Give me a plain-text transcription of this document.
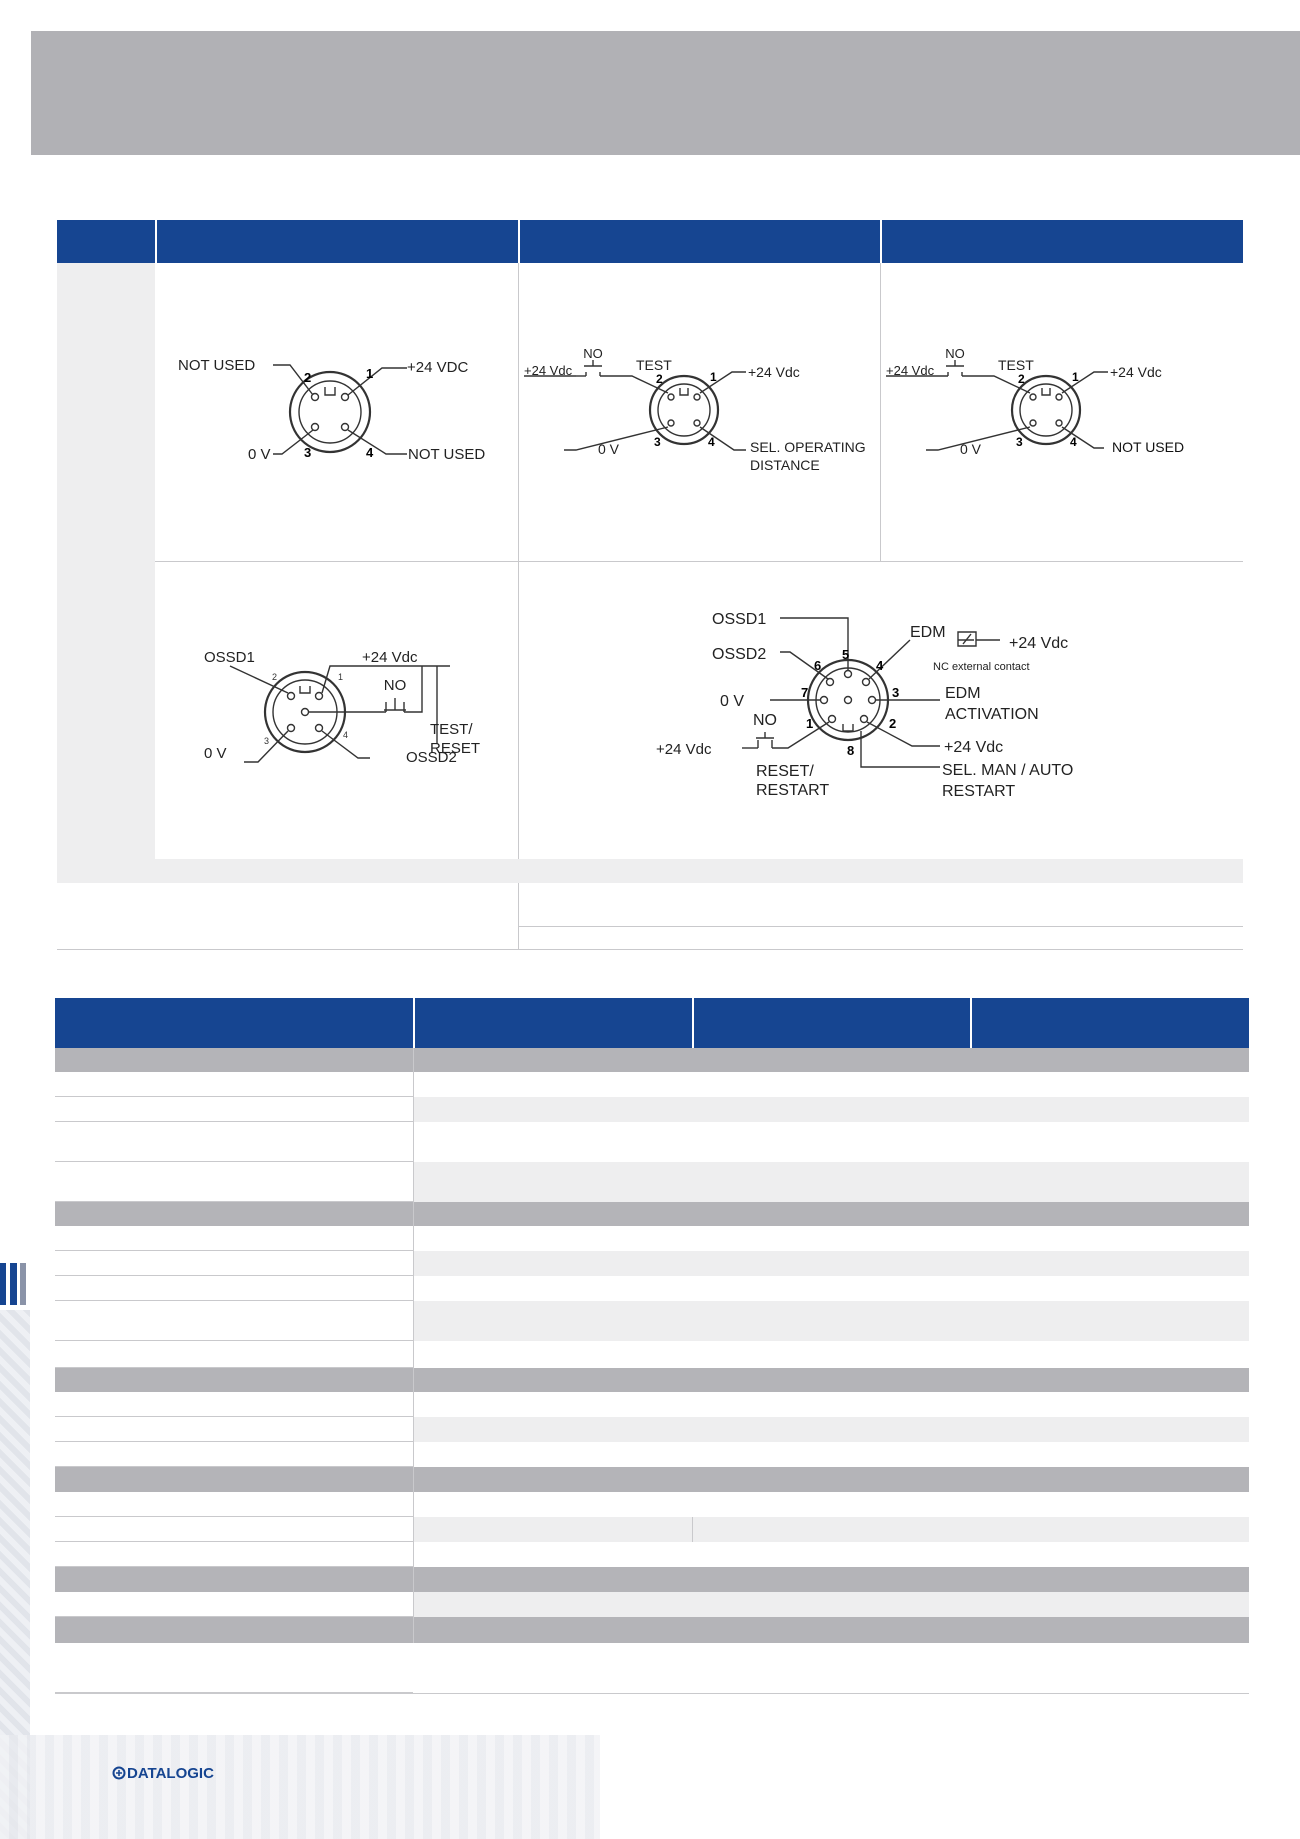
NOT USED	+24 VDC
0 V	NOT USED
1
2
3	4
+24 Vdc
NO
TEST	+24 Vdc
0 V	SEL. OPERATING
DISTANCE
1
2
3	4
+24 Vdc
NO
TEST	+24 Vdc
0 V	NOT USED
1
2
3	4
OSSD1	+24 Vdc
NO
TEST/
RESET
0 V	OSSD2
1
2
3
4
OSSD1
OSSD2
EDM
+24 Vdc
NC external contact
0 V	EDM
ACTIVATION
NO
+24 Vdc	+24 Vdc
RESET/
RESTART
SEL. MAN / AUTO
RESTART
1	2
3
4
5
6
7
8
DATALOGIC
